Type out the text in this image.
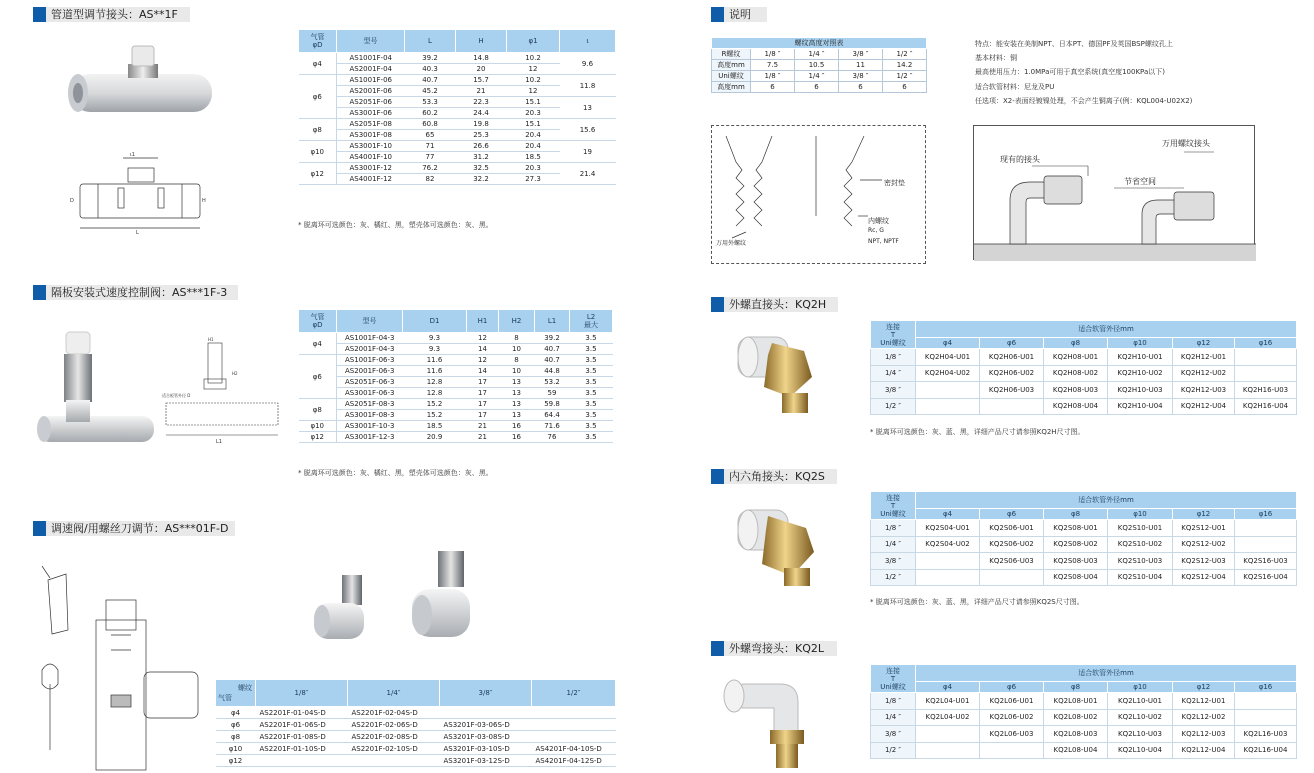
管道型调节接头：AS**1F
ι1
L
D	H
气管
φD	型号	L	H	φ1	ι
φ4	AS1001F-04	39.2	14.8	10.2	9.6
	AS2001F-04	40.3	20	12	
φ6	AS1001F-06	40.7	15.7	10.2	11.8
	AS2001F-06	45.2	21	12	
	AS2051F-06	53.3	22.3	15.1	13
	AS3001F-06	60.2	24.4	20.3	
φ8	AS2051F-08	60.8	19.8	15.1	15.6
	AS3001F-08	65	25.3	20.4	
φ10	AS3001F-10	71	26.6	20.4	19
	AS4001F-10	77	31.2	18.5	
φ12	AS3001F-12	76.2	32.5	20.3	21.4
	AS4001F-12	82	32.2	27.3	
* 脱离环可选颜色：灰、橘红、黑，塑壳体可选颜色：灰、黑。
隔板安装式速度控制阀：AS***1F-3
H1
H2
适合板管外径 D
L1
气管
φD	型号	D1	H1	H2	L1	L2
最大
φ4	AS1001F-04-3	9.3	12	8	39.2	3.5
	AS2001F-04-3	9.3	14	10	40.7	3.5
φ6	AS1001F-06-3	11.6	12	8	40.7	3.5
	AS2001F-06-3	11.6	14	10	44.8	3.5
	AS2051F-06-3	12.8	17	13	53.2	3.5
	AS3001F-06-3	12.8	17	13	59	3.5
φ8	AS2051F-08-3	15.2	17	13	59.8	3.5
	AS3001F-08-3	15.2	17	13	64.4	3.5
φ10	AS3001F-10-3	18.5	21	16	71.6	3.5
φ12	AS3001F-12-3	20.9	21	16	76	3.5
* 脱离环可选颜色：灰、橘红、黑，塑壳体可选颜色：灰、黑。
调速阀/用螺丝刀调节：AS***01F-D
螺纹
气管	1/8″	1/4″	3/8″	1/2″
φ4	AS2201F-01-04S-D	AS2201F-02-04S-D		
φ6	AS2201F-01-06S-D	AS2201F-02-06S-D	AS3201F-03-06S-D	
φ8	AS2201F-01-08S-D	AS2201F-02-08S-D	AS3201F-03-08S-D	
φ10	AS2201F-01-10S-D	AS2201F-02-10S-D	AS3201F-03-10S-D	AS4201F-04-10S-D
φ12			AS3201F-03-12S-D	AS4201F-04-12S-D
说明
螺纹高度对照表				
R螺纹	1/8 ″	1/4 ″	3/8 ″	1/2 ″
高度mm	7.5	10.5	11	14.2
Uni螺纹	1/8 ″	1/4 ″	3/8 ″	1/2 ″
高度mm	6	6	6	6
特点：能安装在美制NPT、日本PT、德国PF及英国BSP螺纹孔上
基本材料：铜
最高使用压力：1.0MPa可用于真空系统(真空度100KPa以下)
适合软管材料：尼龙及PU
任选项：X2-表面经镀镍处理，不会产生铜离子(例：KQL004-U02X2)
密封垫
内螺纹
Rc, G
NPT, NPTF
万用外螺纹
万用螺纹接头
现有的接头
节省空间
外螺直接头：KQ2H
连接
T
Uni螺纹	适合软管外径mm					
	φ4	φ6	φ8	φ10	φ12	φ16
1/8 ″	KQ2H04-U01	KQ2H06-U01	KQ2H08-U01	KQ2H10-U01	KQ2H12-U01	
1/4 ″	KQ2H04-U02	KQ2H06-U02	KQ2H08-U02	KQ2H10-U02	KQ2H12-U02	
3/8 ″		KQ2H06-U03	KQ2H08-U03	KQ2H10-U03	KQ2H12-U03	KQ2H16-U03
1/2 ″			KQ2H08-U04	KQ2H10-U04	KQ2H12-U04	KQ2H16-U04
* 脱离环可选颜色：灰、蓝、黑，详细产品尺寸请参照KQ2H尺寸图。
内六角接头：KQ2S
连接
T
Uni螺纹	适合软管外径mm					
	φ4	φ6	φ8	φ10	φ12	φ16
1/8 ″	KQ2S04-U01	KQ2S06-U01	KQ2S08-U01	KQ2S10-U01	KQ2S12-U01	
1/4 ″	KQ2S04-U02	KQ2S06-U02	KQ2S08-U02	KQ2S10-U02	KQ2S12-U02	
3/8 ″		KQ2S06-U03	KQ2S08-U03	KQ2S10-U03	KQ2S12-U03	KQ2S16-U03
1/2 ″			KQ2S08-U04	KQ2S10-U04	KQ2S12-U04	KQ2S16-U04
* 脱离环可选颜色：灰、蓝、黑，详细产品尺寸请参照KQ2S尺寸图。
外螺弯接头：KQ2L
连接
T
Uni螺纹	适合软管外径mm					
	φ4	φ6	φ8	φ10	φ12	φ16
1/8 ″	KQ2L04-U01	KQ2L06-U01	KQ2L08-U01	KQ2L10-U01	KQ2L12-U01	
1/4 ″	KQ2L04-U02	KQ2L06-U02	KQ2L08-U02	KQ2L10-U02	KQ2L12-U02	
3/8 ″		KQ2L06-U03	KQ2L08-U03	KQ2L10-U03	KQ2L12-U03	KQ2L16-U03
1/2 ″			KQ2L08-U04	KQ2L10-U04	KQ2L12-U04	KQ2L16-U04
